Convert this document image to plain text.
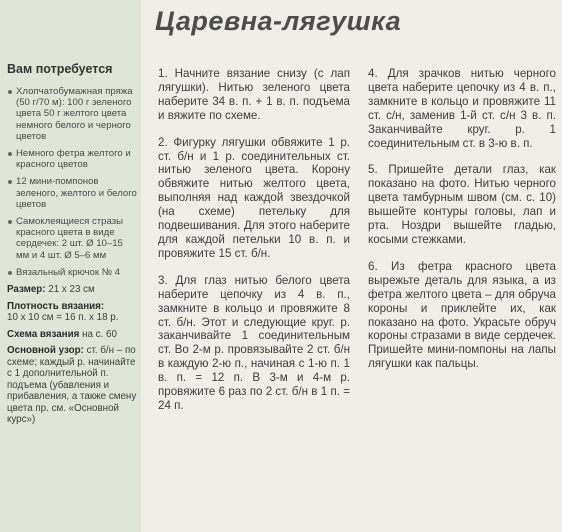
Вам потребуется
Хлопчатобумажная пряжа (50 г/70 м): 100 г зеленого цвета 50 г желтого цвета немного белого и черного цветов
Немного фетра желтого и красного цветов
12 мини-помпонов зеленого, желтого и белого цветов
Самоклеящиеся стразы красного цвета в виде сердечек: 2 шт. Ø 10–15 мм и 4 шт. Ø 5–6 мм
Вязальный крючок № 4
Размер: 21 х 23 см
Плотность вязания:
10 х 10 см = 16 п. х 18 р.
Схема вязания на с. 60
Основной узор: ст. б/н – по схеме; каждый р. начинайте с 1 дополнительной п. подъема (убавления и прибавления, а также смену цвета пр. см. «Основной курс»)
Царевна-лягушка

1. Начните вязание снизу (с лап лягушки). Нитью зеленого цвета наберите 34 в. п. + 1 в. п. подъема и вяжите по схеме.

2. Фигурку лягушки обвяжите 1 р. ст. б/н и 1 р. соединительных ст. нитью зеленого цвета. Корону обвяжите нитью желтого цвета, выполняя над каждой звездочкой (на схеме) петельку для подвешивания. Для этого наберите для каждой петельки 10 в. п. и провяжите 15 ст. б/н.

3. Для глаз нитью белого цвета наберите цепочку из 4 в. п., замкните в кольцо и провяжите 8 ст. б/н. Этот и следующие круг. р. заканчивайте 1 соединительным ст. Во 2-м р. провязывайте 2 ст. б/н в каждую 2-ю п., начиная с 1-ю п. 1 в. п. = 12 п. В 3-м и 4-м р. провяжите 6 раз по 2 ст. б/н в 1 п. = 24 п.

4. Для зрачков нитью черного цвета наберите цепочку из 4 в. п., замкните в кольцо и провяжите 11 ст. с/н, заменив 1-й ст. с/н 3 в. п. Заканчивайте круг. р. 1 соединительным ст. в 3-ю в. п.

5. Пришейте детали глаз, как показано на фото. Нитью черного цвета тамбурным швом (см. с. 10) вышейте контуры головы, лап и рта. Ноздри вышейте гладью, косыми стежками.

6. Из фетра красного цвета вырежьте деталь для языка, а из фетра желтого цвета – для обруча короны и приклейте их, как показано на фото. Украсьте обруч короны стразами в виде сердечек. Пришейте мини-помпоны на лапы лягушки как пальцы.
